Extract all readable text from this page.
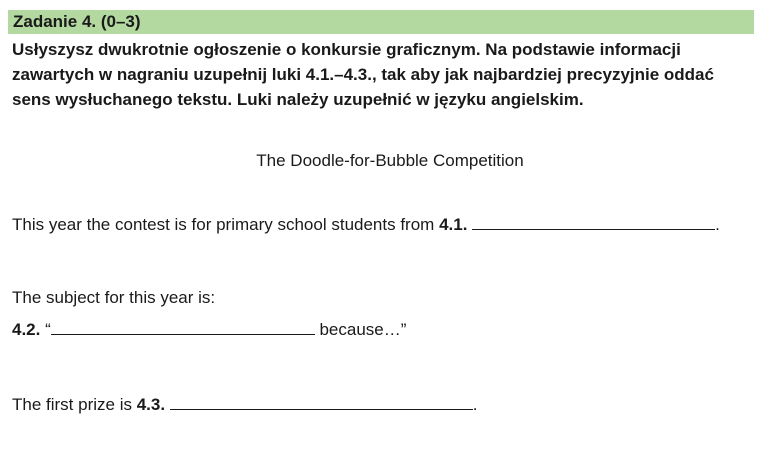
Zadanie 4. (0–3)
Usłyszysz dwukrotnie ogłoszenie o konkursie graficznym. Na podstawie informacji zawartych w nagraniu uzupełnij luki 4.1.–4.3., tak aby jak najbardziej precyzyjnie oddać sens wysłuchanego tekstu. Luki należy uzupełnić w języku angielskim.
The Doodle-for-Bubble Competition
This year the contest is for primary school students from 4.1.	.
The subject for this year is:
4.2. “	because…”
The first prize is 4.3.	.
